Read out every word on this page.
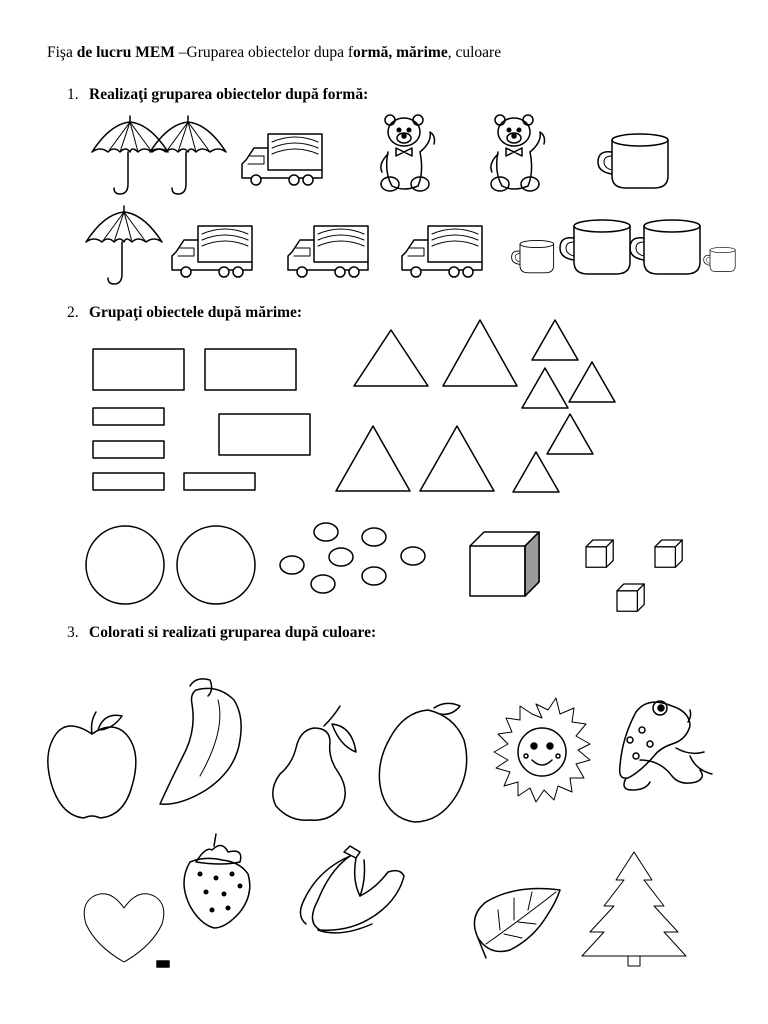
Fişa de lucru MEM –Gruparea obiectelor dupa formă, mărime, culoare
1. Realizaţi gruparea obiectelor după formă:
2. Grupaţi obiectele după mărime:
3. Colorati si realizati gruparea după culoare:
